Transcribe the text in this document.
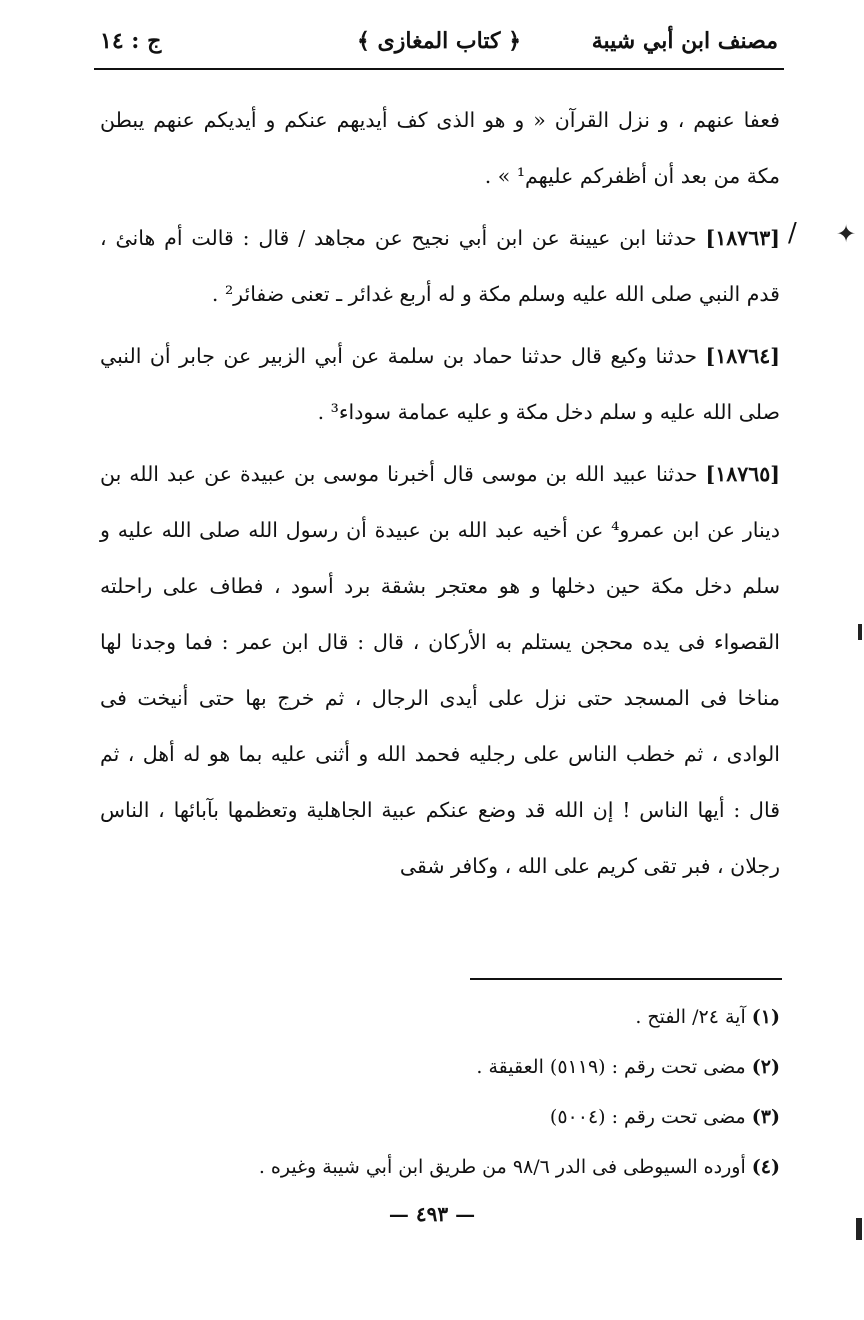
مصنف ابن أبي شيبة
﴿ كتاب المغازى ﴾
ج : ١٤
/ ✦

فعفا عنهم ، و نزل القرآن « و هو الذى كف أيديهم عنكم و أيديكم عنهم يبطن مكة من بعد أن أظفركم عليهم¹ » .

[١٨٧٦٣] حدثنا ابن عيينة عن ابن أبي نجيح عن مجاهد / قال : قالت أم هانئ ، قدم النبي صلى الله عليه وسلم مكة و له أربع غدائر ـ تعنى ضفائر² .

[١٨٧٦٤] حدثنا وكيع قال حدثنا حماد بن سلمة عن أبي الزبير عن جابر أن النبي صلى الله عليه و سلم دخل مكة و عليه عمامة سوداء³ .

[١٨٧٦٥] حدثنا عبيد الله بن موسى قال أخبرنا موسى بن عبيدة عن عبد الله بن دينار عن ابن عمرو⁴ عن أخيه عبد الله بن عبيدة أن رسول الله صلى الله عليه و سلم دخل مكة حين دخلها و هو معتجر بشقة برد أسود ، فطاف على راحلته القصواء فى يده محجن يستلم به الأركان ، قال : قال ابن عمر : فما وجدنا لها مناخا فى المسجد حتى نزل على أيدى الرجال ، ثم خرج بها حتى أنيخت فى الوادى ، ثم خطب الناس على رجليه فحمد الله و أثنى عليه بما هو له أهل ، ثم قال : أيها الناس ! إن الله قد وضع عنكم عبية الجاهلية وتعظمها بآبائها ، الناس رجلان ، فبر تقى كريم على الله ، وكافر شقى

(١) آية ٢٤/ الفتح .

(٢) مضى تحت رقم : (٥١١٩) العقيقة .

(٣) مضى تحت رقم : (٥٠٠٤)

(٤) أورده السيوطى فى الدر ٩٨/٦ من طريق ابن أبي شيبة وغيره .

— ٤٩٣ —
